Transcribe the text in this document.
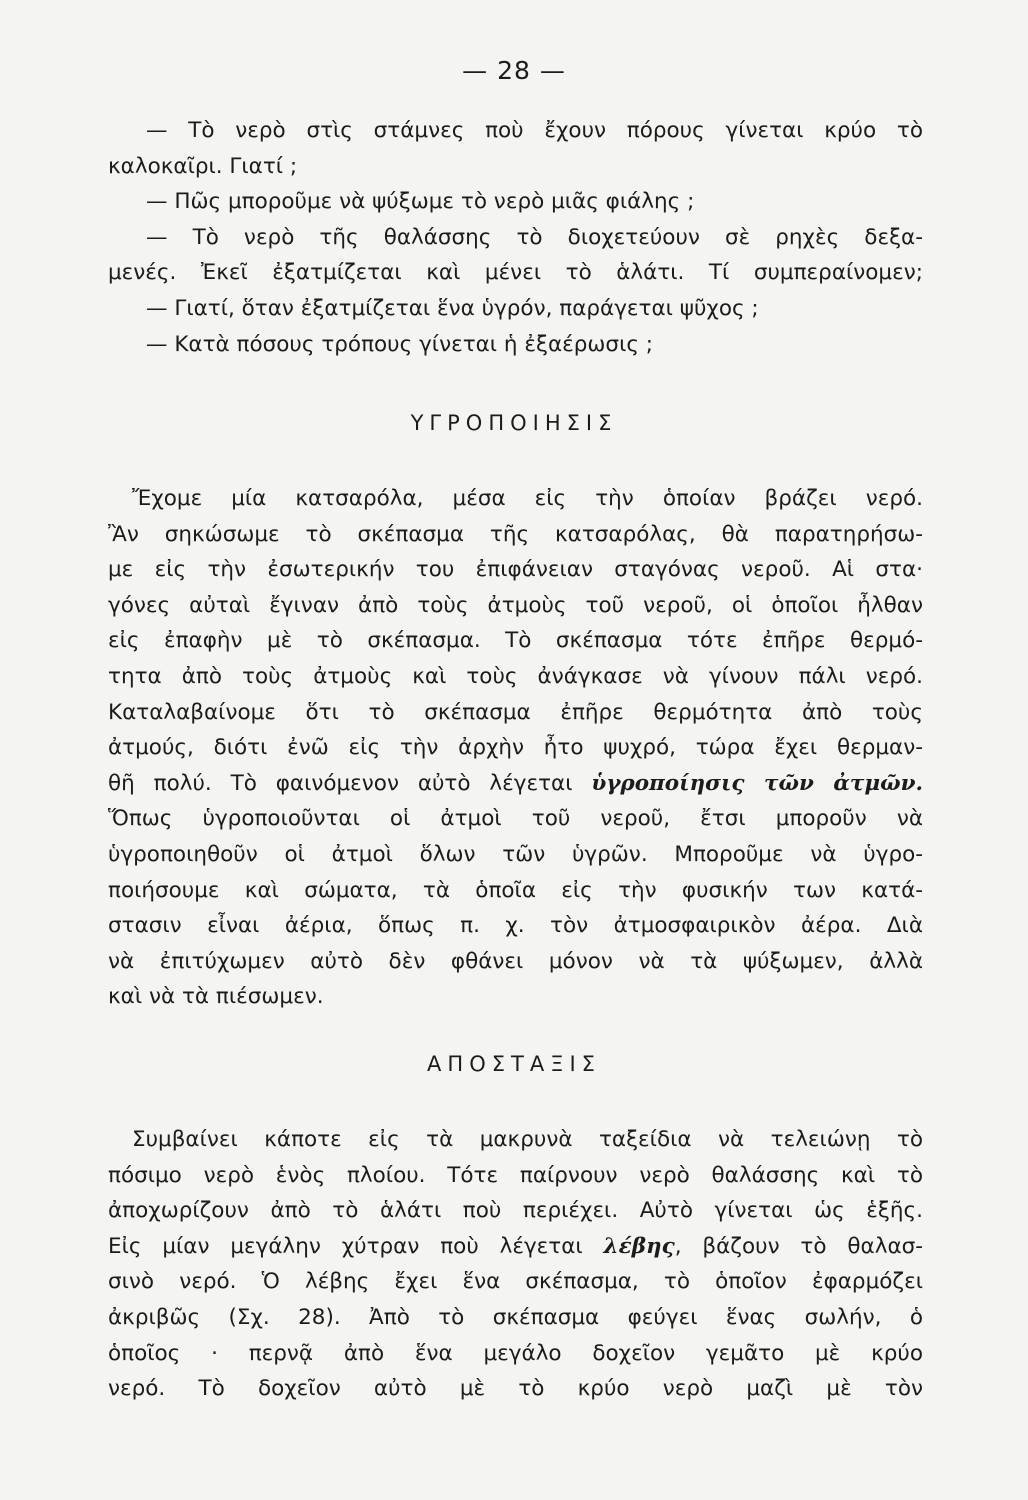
— 28 —
— Τὸ νερὸ στὶς στάμνες ποὺ ἔχουν πόρους γίνεται κρύο τὸ
καλοκαῖρι. Γιατί ;
— Πῶς μποροῦμε νὰ ψύξωμε τὸ νερὸ μιᾶς φιάλης ;
— Τὸ νερὸ τῆς θαλάσσης τὸ διοχετεύουν σὲ ρηχὲς δεξα-
μενές. Ἐκεῖ ἐξατμίζεται καὶ μένει τὸ ἁλάτι. Τί συμπεραίνομεν;
— Γιατί, ὅταν ἐξατμίζεται ἕνα ὑγρόν, παράγεται ψῦχος ;
— Κατὰ πόσους τρόπους γίνεται ἡ ἐξαέρωσις ;
ΥΓΡΟΠΟΙΗΣΙΣ
Ἔχομε μία κατσαρόλα, μέσα εἰς τὴν ὁποίαν βράζει νερό.
Ἂν σηκώσωμε τὸ σκέπασμα τῆς κατσαρόλας, θὰ παρατηρήσω-
με εἰς τὴν ἐσωτερικήν του ἐπιφάνειαν σταγόνας νεροῦ. Αἱ στα·
γόνες αὐταὶ ἔγιναν ἀπὸ τοὺς ἀτμοὺς τοῦ νεροῦ, οἱ ὁποῖοι ἦλθαν
εἰς ἐπαφὴν μὲ τὸ σκέπασμα. Τὸ σκέπασμα τότε ἐπῆρε θερμό-
τητα ἀπὸ τοὺς ἀτμοὺς καὶ τοὺς ἀνάγκασε νὰ γίνουν πάλι νερό.
Καταλαβαίνομε ὅτι τὸ σκέπασμα ἐπῆρε θερμότητα ἀπὸ τοὺς
ἀτμούς, διότι ἐνῶ εἰς τὴν ἀρχὴν ἦτο ψυχρό, τώρα ἔχει θερμαν-
θῆ πολύ. Τὸ φαινόμενον αὐτὸ λέγεται ὑγροποίησις τῶν ἀτμῶν.
Ὅπως ὑγροποιοῦνται οἱ ἀτμοὶ τοῦ νεροῦ, ἔτσι μποροῦν νὰ
ὑγροποιηθοῦν οἱ ἀτμοὶ ὅλων τῶν ὑγρῶν. Μποροῦμε νὰ ὑγρο-
ποιήσουμε καὶ σώματα, τὰ ὁποῖα εἰς τὴν φυσικήν των κατά-
στασιν εἶναι ἀέρια, ὅπως π. χ. τὸν ἀτμοσφαιρικὸν ἀέρα. Διὰ
νὰ ἐπιτύχωμεν αὐτὸ δὲν φθάνει μόνον νὰ τὰ ψύξωμεν, ἀλλὰ
καὶ νὰ τὰ πιέσωμεν.
ΑΠΟΣΤΑΞΙΣ
Συμβαίνει κάποτε εἰς τὰ μακρυνὰ ταξείδια νὰ τελειώνῃ τὸ
πόσιμο νερὸ ἑνὸς πλοίου. Τότε παίρνουν νερὸ θαλάσσης καὶ τὸ
ἀποχωρίζουν ἀπὸ τὸ ἁλάτι ποὺ περιέχει. Αὐτὸ γίνεται ὡς ἑξῆς.
Εἰς μίαν μεγάλην χύτραν ποὺ λέγεται λέβης, βάζουν τὸ θαλασ-
σινὸ νερό. Ὁ λέβης ἔχει ἕνα σκέπασμα, τὸ ὁποῖον ἐφαρμόζει
ἀκριβῶς (Σχ. 28). Ἀπὸ τὸ σκέπασμα φεύγει ἕνας σωλήν, ὁ
ὁποῖος · περνᾷ ἀπὸ ἕνα μεγάλο δοχεῖον γεμᾶτο μὲ κρύο
νερό. Τὸ δοχεῖον αὐτὸ μὲ τὸ κρύο νερὸ μαζὶ μὲ τὸν
